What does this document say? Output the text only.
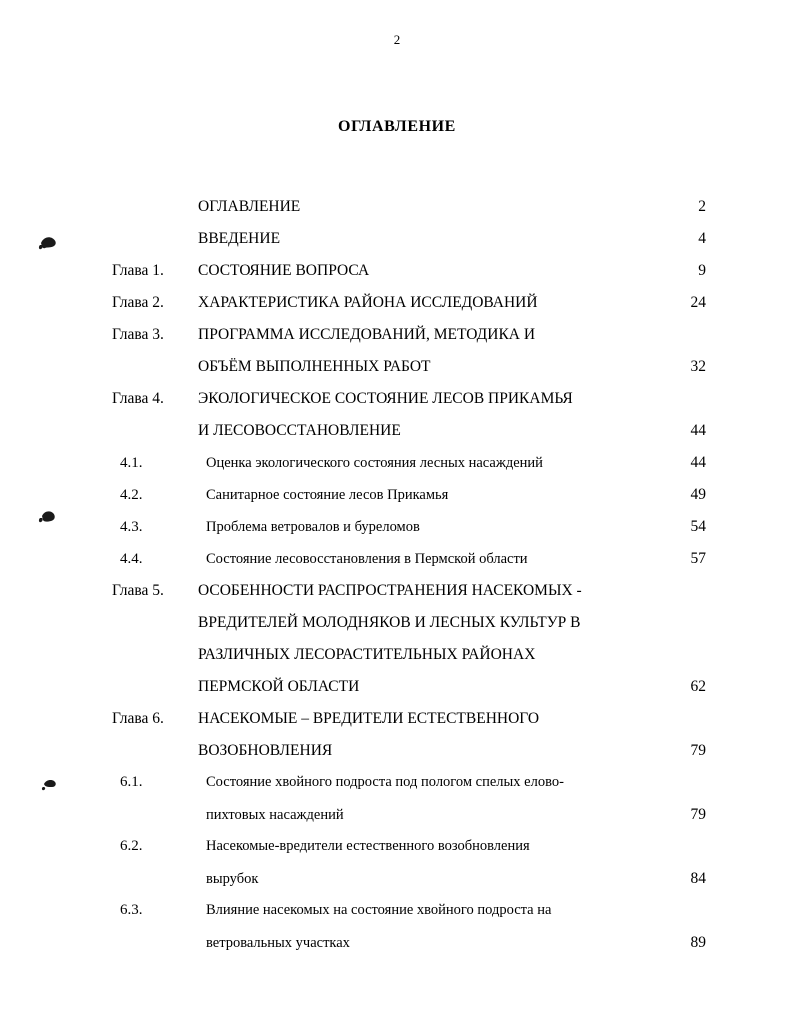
2
ОГЛАВЛЕНИЕ
ОГЛАВЛЕНИЕ	2
ВВЕДЕНИЕ	4
Глава 1.	СОСТОЯНИЕ ВОПРОСА	9
Глава 2.	ХАРАКТЕРИСТИКА РАЙОНА ИССЛЕДОВАНИЙ	24
Глава 3.	ПРОГРАММА ИССЛЕДОВАНИЙ, МЕТОДИКА И
ОБЪЁМ ВЫПОЛНЕННЫХ РАБОТ	32
Глава 4.	ЭКОЛОГИЧЕСКОЕ СОСТОЯНИЕ ЛЕСОВ ПРИКАМЬЯ
И ЛЕСОВОССТАНОВЛЕНИЕ	44
4.1.	Оценка экологического состояния лесных насаждений	44
4.2.	Санитарное состояние лесов Прикамья	49
4.3.	Проблема ветровалов и буреломов	54
4.4.	Состояние лесовосстановления в Пермской области	57
Глава 5.	ОСОБЕННОСТИ РАСПРОСТРАНЕНИЯ НАСЕКОМЫХ -
ВРЕДИТЕЛЕЙ МОЛОДНЯКОВ И ЛЕСНЫХ КУЛЬТУР В
РАЗЛИЧНЫХ ЛЕСОРАСТИТЕЛЬНЫХ РАЙОНАХ
ПЕРМСКОЙ ОБЛАСТИ	62
Глава 6.	НАСЕКОМЫЕ – ВРЕДИТЕЛИ ЕСТЕСТВЕННОГО
ВОЗОБНОВЛЕНИЯ	79
6.1.	Состояние хвойного подроста под пологом спелых елово-
пихтовых насаждений	79
6.2.	Насекомые-вредители естественного возобновления
вырубок	84
6.3.	Влияние насекомых на состояние хвойного подроста на
ветровальных участках	89
